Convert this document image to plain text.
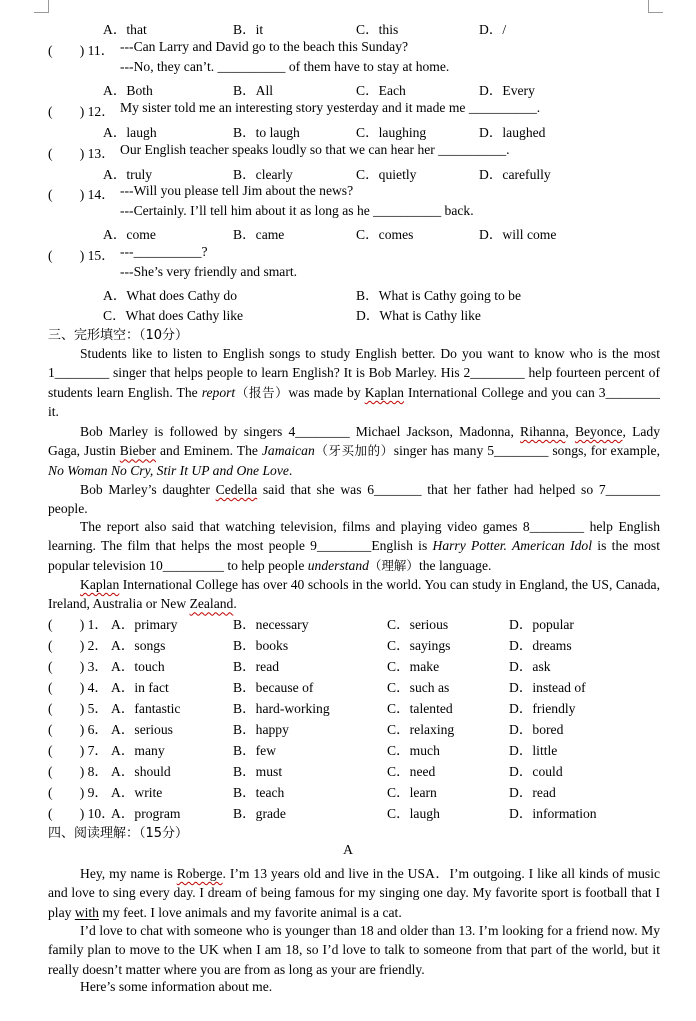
A．that	B．it	C．this	D．/
(　　) 11． ---Can Larry and David go to the beach this Sunday?
---No, they can’t. __________ of them have to stay at home.
A．Both	B．All	C．Each	D．Every
(　　) 12． My sister told me an interesting story yesterday and it made me __________.
A．laugh	B．to laugh	C．laughing	D．laughed
(　　) 13． Our English teacher speaks loudly so that we can hear her __________.
A．truly	B．clearly	C．quietly	D．carefully
(　　) 14． ---Will you please tell Jim about the news?
---Certainly. I’ll tell him about it as long as he __________ back.
A．come	B．came	C．comes	D．will come
(　　) 15． ---__________?
---She’s very friendly and smart.
A．What does Cathy do	B．What is Cathy going to be
C．What does Cathy like	D．What is Cathy like
三、完形填空：（10分）
Students like to listen to English songs to study English better. Do you want to know who is the most 1________ singer that helps people to learn English? It is Bob Marley. His 2________ help fourteen percent of students learn English. The report（报告）was made by Kaplan International College and you can 3________ it.
Bob Marley is followed by singers 4________ Michael Jackson, Madonna, Rihanna, Beyonce, Lady Gaga, Justin Bieber and Eminem. The Jamaican（牙买加的）singer has many 5________ songs, for example, No Woman No Cry, Stir It UP and One Love.
Bob Marley’s daughter Cedella said that she was 6_______ that her father had helped so 7________ people.
The report also said that watching television, films and playing video games 8________ help English learning. The film that helps the most people 9________English is Harry Potter. American Idol is the most popular television 10_________ to help people understand（理解）the language.
Kaplan International College has over 40 schools in the world. You can study in England, the US, Canada, Ireland, Australia or New Zealand.
(　　) 1． A．primary	B．necessary	C．serious	D．popular
(　　) 2． A．songs	B．books	C．sayings	D．dreams
(　　) 3． A．touch	B．read	C．make	D．ask
(　　) 4． A．in fact	B．because of	C．such as	D．instead of
(　　) 5． A．fantastic	B．hard-working	C．talented	D．friendly
(　　) 6． A．serious	B．happy	C．relaxing	D．bored
(　　) 7． A．many	B．few	C．much	D．little
(　　) 8． A．should	B．must	C．need	D．could
(　　) 9． A．write	B．teach	C．learn	D．read
(　　) 10．
A．program	B．grade	C．laugh	D．information
四、阅读理解：（15分）
A
Hey, my name is Roberge. I’m 13 years old and live in the USA．I’m outgoing. I like all kinds of music and love to sing every day. I dream of being famous for my singing one day. My favorite sport is football that I play with my feet. I love animals and my favorite animal is a cat.
I’d love to chat with someone who is younger than 18 and older than 13. I’m looking for a friend now. My family plan to move to the UK when I am 18, so I’d love to talk to someone from that part of the world, but it really doesn’t matter where you are from as long as your are friendly.
Here’s some information about me.
